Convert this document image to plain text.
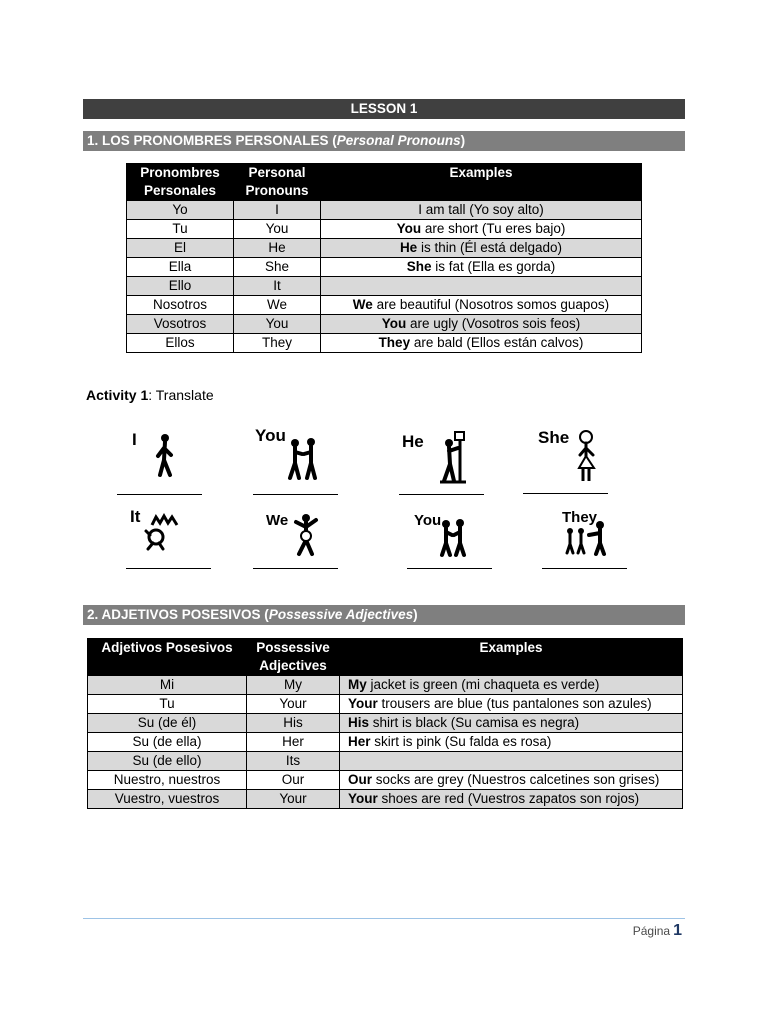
LESSON 1
1. LOS PRONOMBRES PERSONALES (Personal Pronouns)
Pronombres Personales	Personal Pronouns	Examples
Yo	I	I am tall (Yo soy alto)
Tu	You	You are short (Tu eres bajo)
El	He	He is thin (Él está delgado)
Ella	She	She is fat (Ella es gorda)
Ello	It	
Nosotros	We	We are beautiful (Nosotros somos guapos)
Vosotros	You	You are ugly (Vosotros sois feos)
Ellos	They	They are bald (Ellos están calvos)
Activity 1: Translate
I	You	He	She
It	We	You	They
2. ADJETIVOS POSESIVOS (Possessive Adjectives)
Adjetivos Posesivos	Possessive Adjectives	Examples
Mi	My	My jacket is green (mi chaqueta es verde)
Tu	Your	Your trousers are blue (tus pantalones son azules)
Su (de él)	His	His shirt is black (Su camisa es negra)
Su (de ella)	Her	Her skirt is pink (Su falda es rosa)
Su (de ello)	Its	
Nuestro, nuestros	Our	Our socks are grey (Nuestros calcetines son grises)
Vuestro, vuestros	Your	Your shoes are red (Vuestros zapatos son rojos)
Página 1
